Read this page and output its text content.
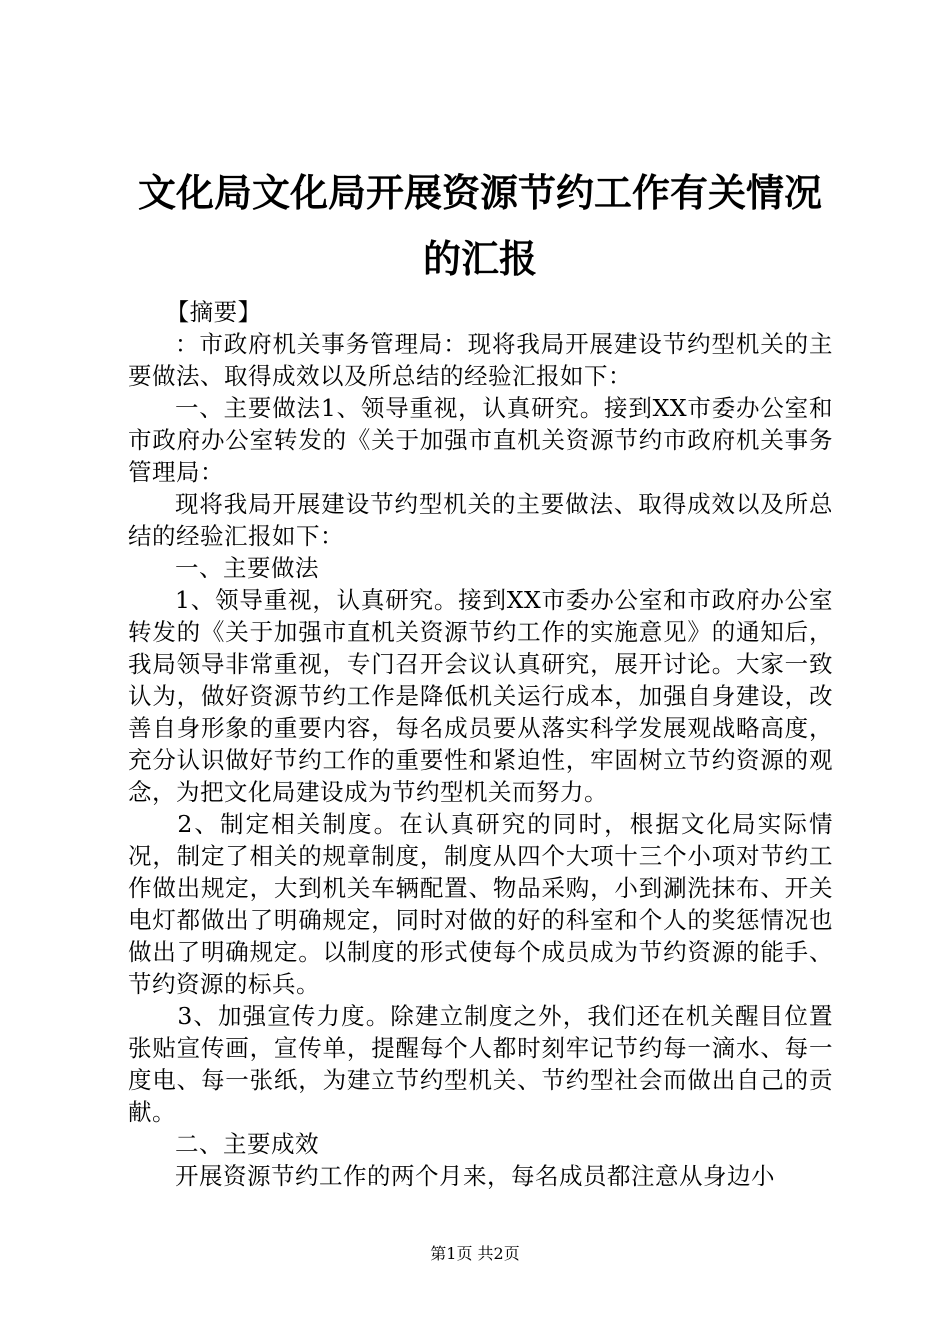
文化局文化局开展资源节约工作有关情况的汇报

【摘要】

：市政府机关事务管理局：现将我局开展建设节约型机关的主要做法、取得成效以及所总结的经验汇报如下：

一、主要做法1、领导重视，认真研究。接到XX市委办公室和市政府办公室转发的《关于加强市直机关资源节约市政府机关事务管理局：

现将我局开展建设节约型机关的主要做法、取得成效以及所总结的经验汇报如下：

一、主要做法

1、领导重视，认真研究。接到XX市委办公室和市政府办公室转发的《关于加强市直机关资源节约工作的实施意见》的通知后，我局领导非常重视，专门召开会议认真研究，展开讨论。大家一致认为，做好资源节约工作是降低机关运行成本，加强自身建设，改善自身形象的重要内容，每名成员要从落实科学发展观战略高度，充分认识做好节约工作的重要性和紧迫性，牢固树立节约资源的观念，为把文化局建设成为节约型机关而努力。

2、制定相关制度。在认真研究的同时，根据文化局实际情况，制定了相关的规章制度，制度从四个大项十三个小项对节约工作做出规定，大到机关车辆配置、物品采购，小到涮洗抹布、开关电灯都做出了明确规定，同时对做的好的科室和个人的奖惩情况也做出了明确规定。以制度的形式使每个成员成为节约资源的能手、节约资源的标兵。

3、加强宣传力度。除建立制度之外，我们还在机关醒目位置张贴宣传画，宣传单，提醒每个人都时刻牢记节约每一滴水、每一度电、每一张纸，为建立节约型机关、节约型社会而做出自己的贡献。

二、主要成效

开展资源节约工作的两个月来，每名成员都注意从身边小

第1页 共2页
